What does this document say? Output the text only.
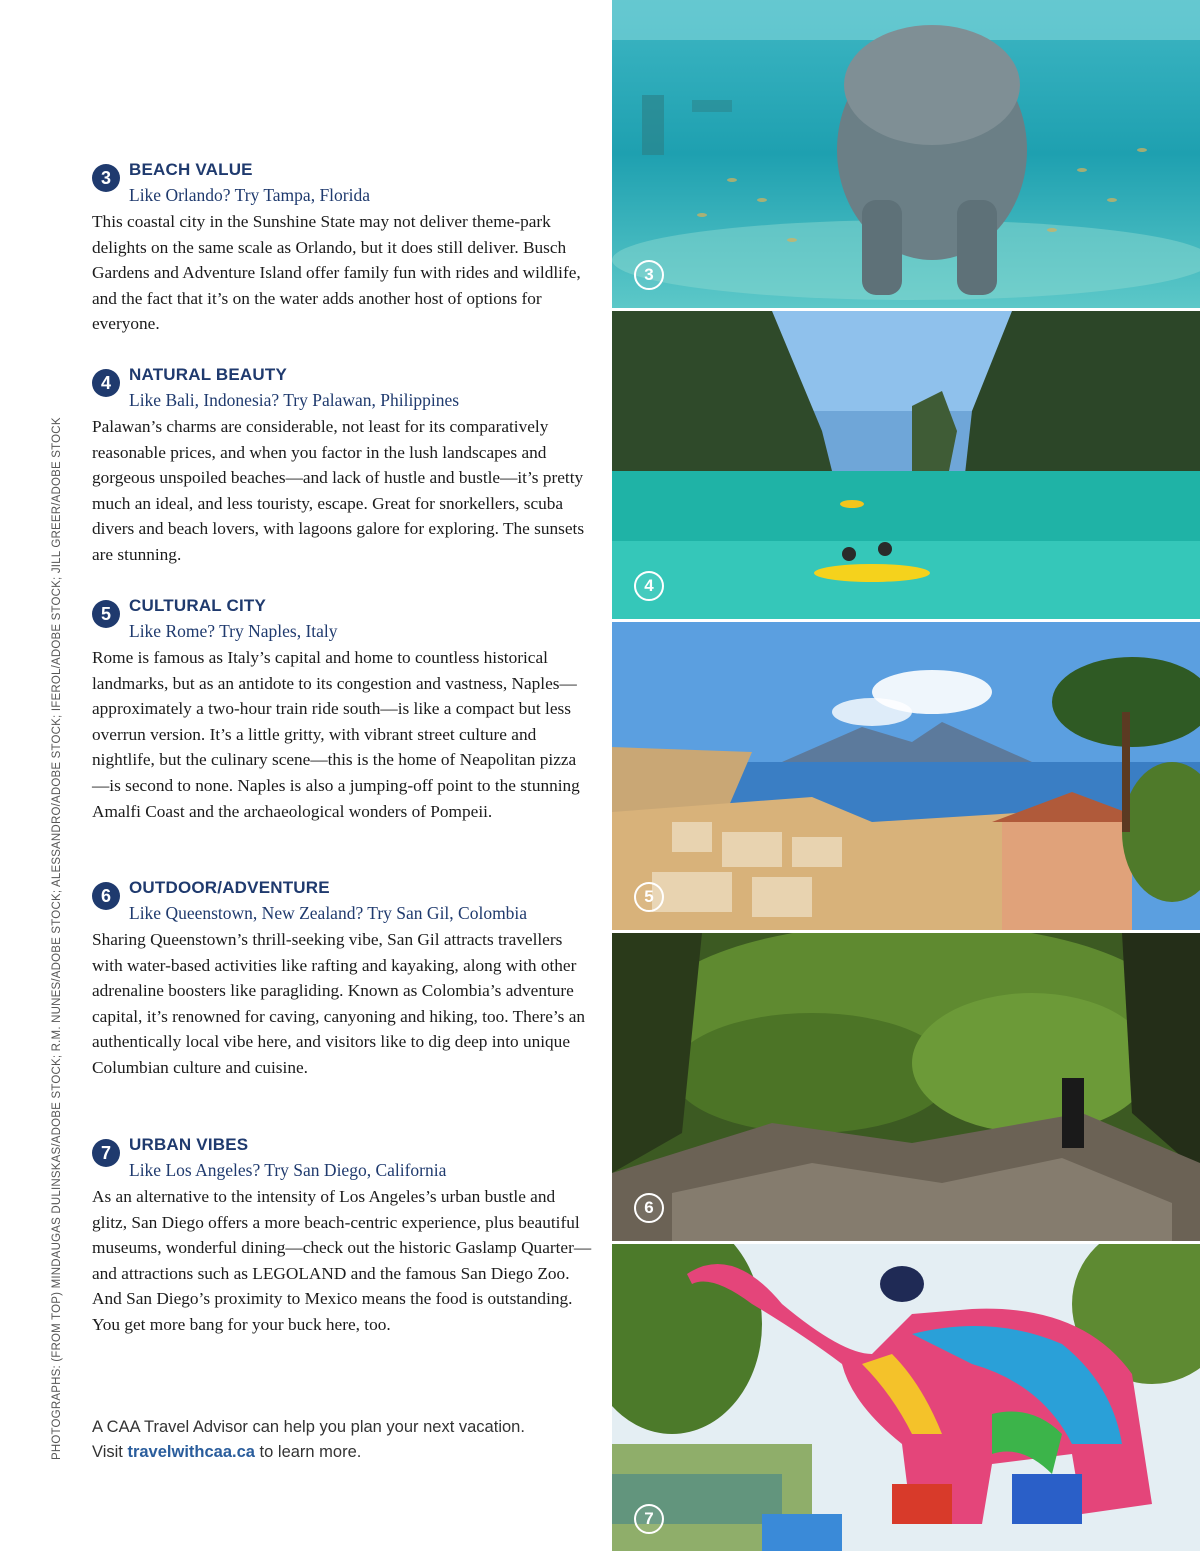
PHOTOGRAPHS: (FROM TOP) MINDAUGAS DULINSKAS/ADOBE STOCK; R.M. NUNES/ADOBE STOCK; ALESSANDRO/ADOBE STOCK; IFEROL/ADOBE STOCK; JILL GREER/ADOBE STOCK
3	BEACH VALUE
Like Orlando? Try Tampa, Florida
This coastal city in the Sunshine State may not deliver theme-park delights on the same scale as Orlando, but it does still deliver. Busch Gardens and Adventure Island offer family fun with rides and wildlife, and the fact that it’s on the water adds another host of options for everyone.
4	NATURAL BEAUTY
Like Bali, Indonesia? Try Palawan, Philippines
Palawan’s charms are considerable, not least for its comparatively reasonable prices, and when you factor in the lush landscapes and gorgeous unspoiled beaches—and lack of hustle and bustle—it’s pretty much an ideal, and less touristy, escape. Great for snorkellers, scuba divers and beach lovers, with lagoons galore for exploring. The sunsets are stunning.
5	CULTURAL CITY
Like Rome? Try Naples, Italy
Rome is famous as Italy’s capital and home to countless historical landmarks, but as an antidote to its congestion and vastness, Naples—approximately a two-hour train ride south—is like a compact but less overrun version. It’s a little gritty, with vibrant street culture and nightlife, but the culinary scene—this is the home of Neapolitan pizza—is second to none. Naples is also a jumping-off point to the stunning Amalfi Coast and the archaeological wonders of Pompeii.
6	OUTDOOR/ADVENTURE
Like Queenstown, New Zealand? Try San Gil, Colombia
Sharing Queenstown’s thrill-seeking vibe, San Gil attracts travellers with water-based activities like rafting and kayaking, along with other adrenaline boosters like paragliding. Known as Colombia’s adventure capital, it’s renowned for caving, canyoning and hiking, too. There’s an authentically local vibe here, and visitors like to dig deep into unique Columbian culture and cuisine.
7	URBAN VIBES
Like Los Angeles? Try San Diego, California
As an alternative to the intensity of Los Angeles’s urban bustle and glitz, San Diego offers a more beach-centric experience, plus beautiful museums, wonderful dining—check out the historic Gaslamp Quarter—and attractions such as LEGOLAND and the famous San Diego Zoo. And San Diego’s proximity to Mexico means the food is outstanding. You get more bang for your buck here, too.
A CAA Travel Advisor can help you plan your next vacation.
Visit travelwithcaa.ca to learn more.
3
4
5
6
7
